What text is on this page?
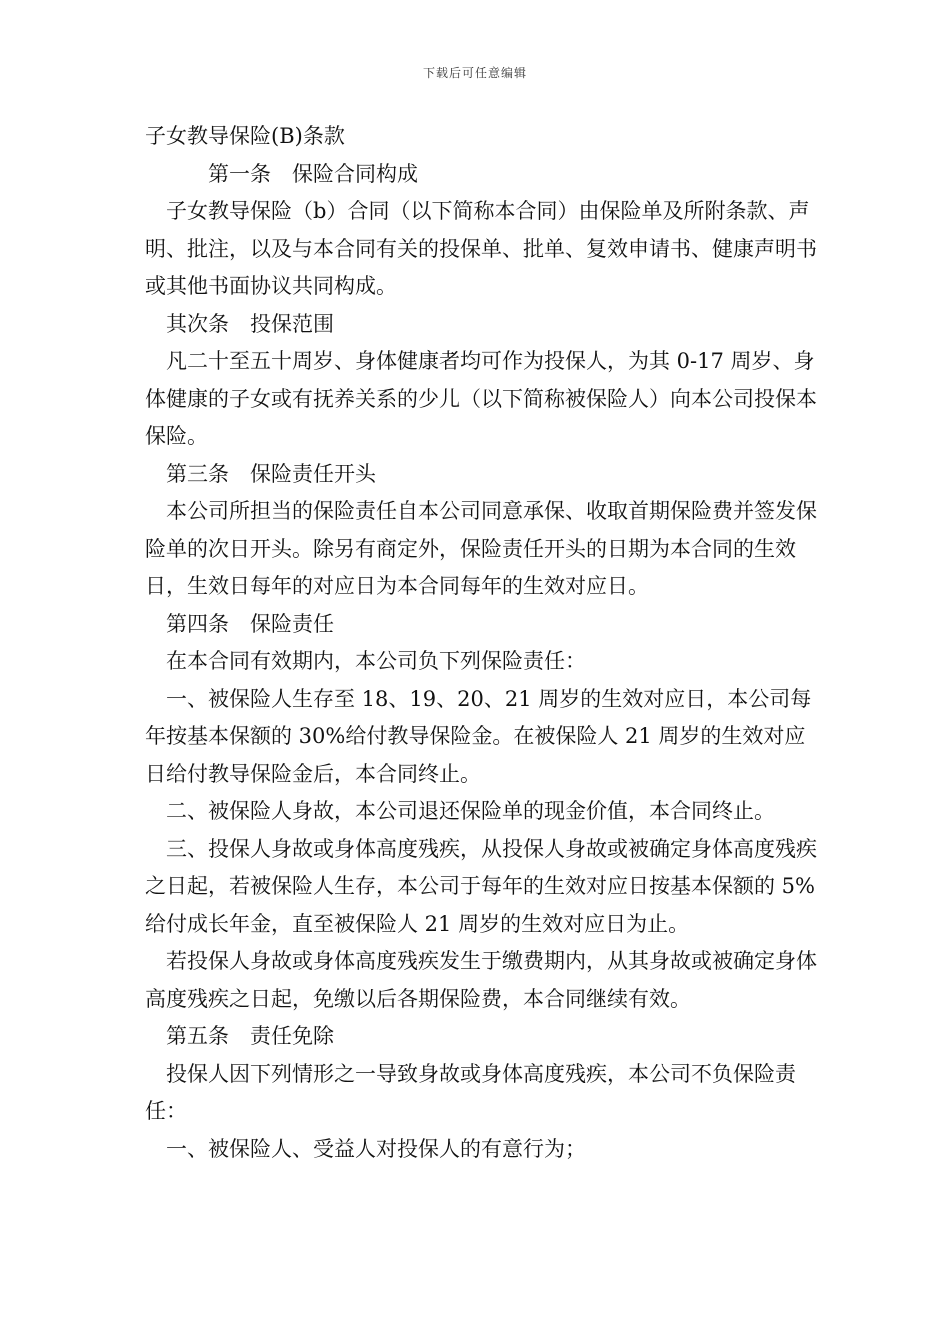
下载后可任意编辑

子女教导保险(B)条款

第一条　保险合同构成

子女教导保险（b）合同（以下简称本合同）由保险单及所附条款、声明、批注，以及与本合同有关的投保单、批单、复效申请书、健康声明书或其他书面协议共同构成。

其次条　投保范围

凡二十至五十周岁、身体健康者均可作为投保人，为其 0-17 周岁、身体健康的子女或有抚养关系的少儿（以下简称被保险人）向本公司投保本保险。

第三条　保险责任开头

本公司所担当的保险责任自本公司同意承保、收取首期保险费并签发保险单的次日开头。除另有商定外，保险责任开头的日期为本合同的生效日，生效日每年的对应日为本合同每年的生效对应日。

第四条　保险责任

在本合同有效期内，本公司负下列保险责任：

一、被保险人生存至 18、19、20、21 周岁的生效对应日，本公司每年按基本保额的 30%给付教导保险金。在被保险人 21 周岁的生效对应日给付教导保险金后，本合同终止。

二、被保险人身故，本公司退还保险单的现金价值，本合同终止。

三、投保人身故或身体高度残疾，从投保人身故或被确定身体高度残疾之日起，若被保险人生存，本公司于每年的生效对应日按基本保额的 5%给付成长年金，直至被保险人 21 周岁的生效对应日为止。

若投保人身故或身体高度残疾发生于缴费期内，从其身故或被确定身体高度残疾之日起，免缴以后各期保险费，本合同继续有效。

第五条　责任免除

投保人因下列情形之一导致身故或身体高度残疾，本公司不负保险责任：

一、被保险人、受益人对投保人的有意行为；
